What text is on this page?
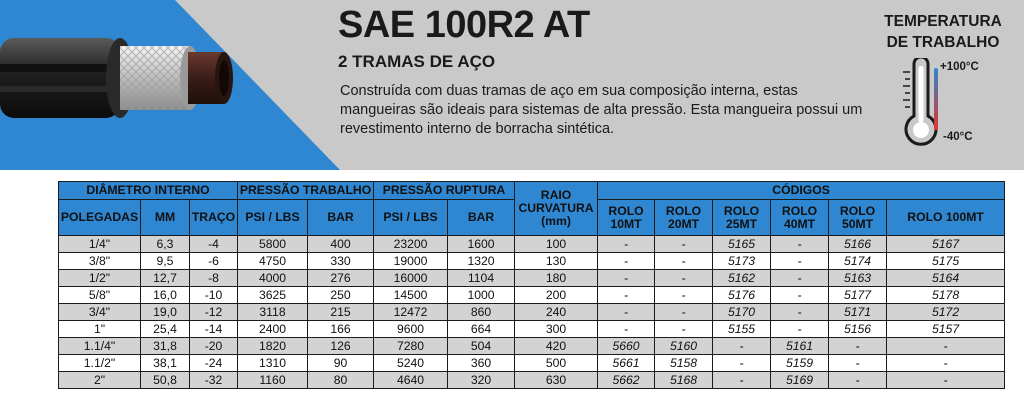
SAE 100R2 AT
2 TRAMAS DE AÇO

Construída com duas tramas de aço em sua composição interna, estas mangueiras são ideais para sistemas de alta pressão. Esta mangueira possui um revestimento interno de borracha sintética.

TEMPERATURA
DE TRABALHO
+100°C
-40°C
DIÂMETRO INTERNO			PRESSÃO TRABALHO		PRESSÃO RUPTURA		RAIO CURVATURA (mm)	CÓDIGOS					
POLEGADAS	MM	TRAÇO	PSI / LBS	BAR	PSI / LBS	BAR		ROLO 10MT	ROLO 20MT	ROLO 25MT	ROLO 40MT	ROLO 50MT	ROLO 100MT
1/4"	6,3	-4	5800	400	23200	1600	100	-	-	5165	-	5166	5167
3/8"	9,5	-6	4750	330	19000	1320	130	-	-	5173	-	5174	5175
1/2"	12,7	-8	4000	276	16000	1104	180	-	-	5162	-	5163	5164
5/8"	16,0	-10	3625	250	14500	1000	200	-	-	5176	-	5177	5178
3/4"	19,0	-12	3118	215	12472	860	240	-	-	5170	-	5171	5172
1"	25,4	-14	2400	166	9600	664	300	-	-	5155	-	5156	5157
1.1/4"	31,8	-20	1820	126	7280	504	420	5660	5160	-	5161	-	-
1.1/2"	38,1	-24	1310	90	5240	360	500	5661	5158	-	5159	-	-
2"	50,8	-32	1160	80	4640	320	630	5662	5168	-	5169	-	-
